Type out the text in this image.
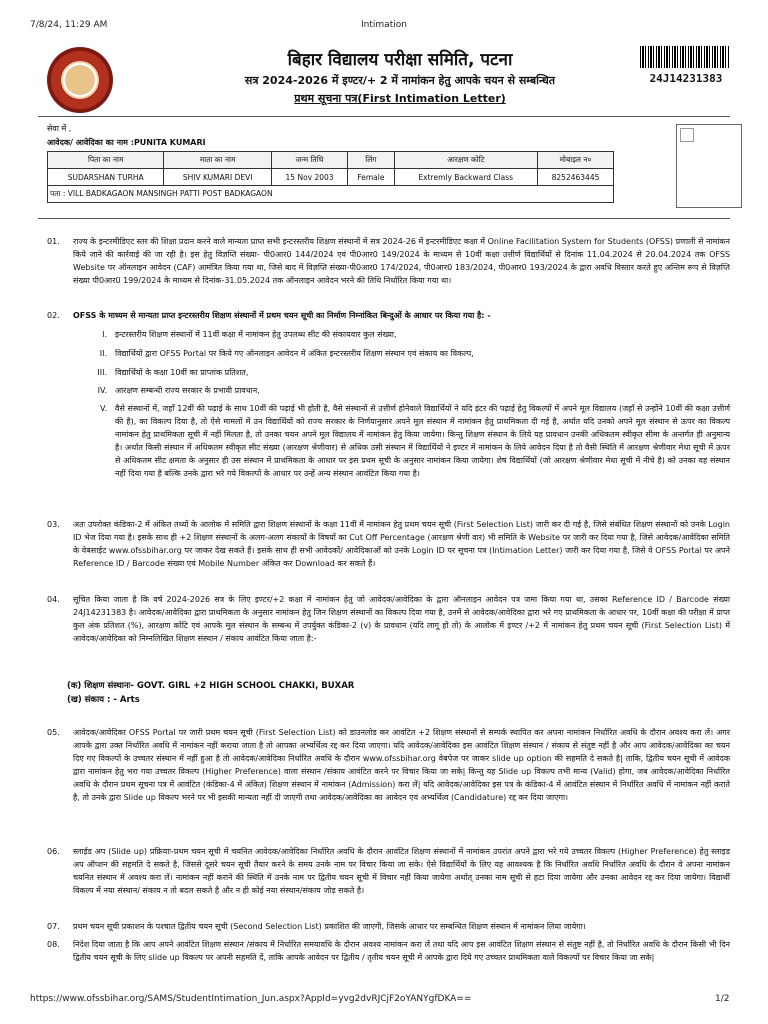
7/8/24, 11:29 AM	Intimation
बिहार विद्यालय परीक्षा समिति, पटना
सत्र 2024-2026 में इण्टर/+ 2 में नामांकन हेतु आपके चयन से सम्बन्धित
प्रथम सूचना पत्र(First Intimation Letter)
24J14231383
सेवा में ,
आवेदक/ आवेदिका का नाम :PUNITA KUMARI
पिता का नाम	माता का नाम	जन्म तिथि	लिंग	आरक्षण कोटि	मोबाइल न०
SUDARSHAN TURHA	SHIV KUMARI DEVI	15 Nov 2003	Female	Extremly Backward Class	8252463445
पता : VILL BADKAGAON MANSINGH PATTI POST BADKAGAON					
01. राज्य के इन्टरमीडिएट स्तर की शिक्षा प्रदान करने वाले मान्यता प्राप्त सभी इन्टरस्तरीय शिक्षण संस्थानों में सत्र 2024-26 में इन्टरमीडिएट कक्षा में Online Facilitation System for Students (OFSS) प्रणाली से नामांकन किये जाने की कार्रवाई की जा रही है। इस हेतु विज्ञप्ति संख्या- पी0आर0 144/2024 एवं पी0आर0 149/2024 के माध्यम से 10वीं कक्षा उत्तीर्ण विद्यार्थियों से दिनांक 11.04.2024 से 20.04.2024 तक OFSS Website पर ऑनलाइन आवेदन (CAF) आमंत्रित किया गया था, जिसे बाद में विज्ञप्ति संख्या-पी0आर0 174/2024, पी0आर0 183/2024, पी0आर0 193/2024 के द्वारा अवधि विस्तार करते हुए अन्तिम रूप से विज्ञप्ति संख्या पी0आर0 199/2024 के माध्यम से दिनांक-31.05.2024 तक ऑनलाइन आवेदन भरने की तिथि निर्धारित किया गया था।
02. OFSS के माध्यम से मान्यता प्राप्त इन्टरस्तरीय शिक्षण संस्थानों में प्रथम चयन सूची का निर्माण निम्नांकित बिन्दुओं के आधार पर किया गया है: -
I. इन्टरस्तरीय शिक्षण संस्थानों में 11वीं कक्षा में नामांकन हेतु उपलब्ध सीट की संकायवार कुल संख्या,
II. विद्यार्थियों द्वारा OFSS Portal पर किये गए ऑनलाइन आवेदन में अंकित इन्टरस्तरीय शिक्षण संस्थान एवं संकाय का विकल्प,
III. विद्यार्थियों के कक्षा 10वीं का प्राप्तांक प्रतिशत,
IV. आरक्षण सम्बन्धी राज्य सरकार के प्रभावी प्रावधान,
V. वैसे संस्थानों में, जहाँ 12वीं की पढ़ाई के साथ 10वीं की पढ़ाई भी होती है, वैसे संस्थानों से उत्तीर्ण होनेवाले विद्यार्थियों ने यदि इंटर की पढ़ाई हेतु विकल्पों में अपने मूल विद्यालय (जहाँ से उन्होंने 10वीं की कक्षा उत्तीर्ण की है), का विकल्प दिया है, तो ऐसे मामलों में उन विद्यार्थियों को राज्य सरकार के निर्णयानुसार अपने मूल संस्थान में नामांकन हेतु प्राथमिकता दी गई है, अर्थात यदि उनको अपने मूल संस्थान से ऊपर का विकल्प नामांकन हेतु प्राथमिकता सूची में नहीं मिलता है, तो उनका चयन अपने मूल विद्यालय में नामांकन हेतु किया जायेगा। किन्तु शिक्षण संस्थान के लिये यह प्रावधान उनकी अधिकतम स्वीकृत सीमा के अन्तर्गत ही अनुमान्य है। अर्थात किसी संस्थान में अधिकतम स्वीकृत सीट संख्या (आरक्षण श्रेणीवार) से अधिक उसी संस्थान में विद्यार्थियों ने इण्टर में नामांकन के लिये आवेदन दिया है तो वैसी स्थिति में आरक्षण श्रेणीवार मेधा सूची में ऊपर से अधिकतम सीट क्षमता के अनुसार ही उस संस्थान में प्राथमिकता के आधार पर इस प्रथम सूची के अनुसार नामांकन किया जायेगा। शेष विद्यार्थियों (जो आरक्षण श्रेणीवार मेधा सूची में नीचे है) को उनका वह संस्थान नहीं दिया गया है बल्कि उनके द्वारा भरे गये विकल्पों के आधार पर उन्हें अन्य संस्थान आवंटित किया गया है।
03. अतः उपरोक्त कंडिका-2 में अंकित तथ्यों के आलोक में समिति द्वारा शिक्षण संस्थानों के कक्षा 11वीं में नामांकन हेतु प्रथम चयन सूची (First Selection List) जारी कर दी गई है, जिसे संबंधित शिक्षण संस्थानों को उनके Login ID भेज दिया गया है। इसके साथ ही +2 शिक्षण संस्थानों के अलग-अलग संकायों के विषयों का Cut Off Percentage (आरक्षण श्रेणी वार) भी समिति के Website पर जारी कर दिया गया है, जिसे आवेदक/आवेदिका समिति के वेबसाईट www.ofssbihar.org पर जाकर देख सकते हैं। इसके साथ ही सभी आवेदकों/ आवेदिकाओं को उनके Login ID पर सूचना पत्र (Intimation Letter) जारी कर दिया गया है, जिसे वे OFSS Portal पर अपने Reference ID / Barcode संख्या एवं Mobile Number अंकित कर Download कर सकते हैं।
04. सूचित किया जाता है कि वर्ष 2024-2026 सत्र के लिए इण्टर/+2 कक्षा में नामांकन हेतु जो आवेदक/आवेदिका के द्वारा ऑनलाइन आवेदन पत्र जमा किया गया था, उसका Reference ID / Barcode संख्या 24J14231383 है। आवेदक/आवेदिका द्वारा प्राथमिकता के अनुसार नामांकन हेतु जिन शिक्षण संस्थानों का विकल्प दिया गया है, उनमें से आवेदक/आवेदिका द्वारा भरे गए प्राथमिकता के आधार पर, 10वीं कक्षा की परीक्षा में प्राप्त कुल अंक प्रतिशत (%), आरक्षण कोटि एवं आपके मूल संस्थान के सम्बन्ध में उपर्युक्त कंडिका-2 (v) के प्रावधान (यदि लागू हो तो) के आलोक में इण्टर /+2 में नामांकन हेतु प्रथम चयन सूची (First Selection List) में आवेदक/आवेदिका को निम्नलिखित शिक्षण संस्थान / संकाय आवंटित किया जाता है:-
(क) शिक्षण संस्थानः- GOVT. GIRL +2 HIGH SCHOOL CHAKKI, BUXAR
(ख) संकाय : - Arts
05. आवेदक/आवेदिका OFSS Portal पर जारी प्रथम चयन सूची (First Selection List) को डाउनलोड कर आवंटित +2 शिक्षण संस्थानों से सम्पर्क स्थापित कर अपना नामांकन निर्धारित अवधि के दौरान अवश्य करा लें। अगर आपके द्वारा उक्त निर्धारित अवधि में नामांकन नहीं कराया जाता है तो आपका अभ्यर्थित्व रद्द कर दिया जाएगा। यदि आवेदक/आवेदिका इस आवंटित शिक्षण संस्थान / संकाय से संतुष्ट नहीं है और आप आवेदक/आवेदिका का चयन दिए गए विकल्पों के उच्चतर संस्थान में नहीं हुआ है तो आवेदक/आवेदिका निर्धारित अवधि के दौरान www.ofssbihar.org वेबपेज पर जाकर slide up option की सहमति दे सकते है| ताकि, द्वितीय चयन सूची में आवेदक द्वारा नामांकन हेतु भरा गया उच्चतर विकल्प (Higher Preference) वाला संस्थान /संकाय आवंटित करने पर विचार किया जा सके| किन्तु यह Slide up विकल्प तभी मान्य (Valid) होगा, जब आवेदक/आवेदिका निर्धारित अवधि के दौरान प्रथम सूचना पत्र में आवंटित (कंडिका-4 में अंकित) शिक्षण संस्थान में नामांकन (Admission) करा लें| यदि आवेदक/आवेदिका इस पत्र के कंडिका-4 में आवंटित संस्थान में निर्धारित अवधि में नामांकन नहीं कराते है, तो उनके द्वारा Slide up विकल्प भरने पर भी इसकी मान्यता नहीं दी जाएगी तथा आवेदक/आवेदिका का आवेदन एवं अभ्यर्थित्व (Candidature) रद्द कर दिया जाएगा।
06. स्लाईड अप (Slide up) प्रक्रियाः-प्रथम चयन सूची में चयनित आवेदक/आवेदिका निर्धारित अवधि के दौरान आवंटित शिक्षण संस्थानों में नामांकन उपरांत अपने द्वारा भरे गये उच्चतर विकल्प (Higher Preference) हेतु स्लाइड अप ऑप्शन की सहमति दे सकते है, जिससे दूसरे चयन सूची तैयार करने के समय उनके नाम पर विचार किया जा सके। ऐसे विद्यार्थियों के लिए यह आवश्यक है कि निर्धारित अवधि निर्धारित अवधि के दौरान वे अपना नामांकन चयनित संस्थान में अवश्य करा लें। नामांकन नहीं कराने की स्थिति में उनके नाम पर द्वितीय चयन सूची में विचार नहीं किया जायेगा अर्थात् उनका नाम सूची से हटा दिया जायेगा और उनका आवेदन रद्द कर दिया जायेगा। विद्यार्थी विकल्प में नया संस्थान/ संकाय न तो बदल सकते है और न ही कोई नया संस्थान/संकाय जोड़ सकते है।
07. प्रथम चयन सूची प्रकाशन के पश्चात द्वितीय चयन सूची (Second Selection List) प्रकाशित की जाएगी, जिसके आधार पर सम्बन्धित शिक्षण संस्थान में नामांकन लिया जायेगा।
08. निदेश दिया जाता है कि आप अपने आवंटित शिक्षण संस्थान /संकाय में निर्धारित समयावधि के दौरान अवश्य नामांकन करा लें तथा यदि आप इस आवंटित शिक्षण संस्थान से संतुष्ट नहीं है, तो निर्धारित अवधि के दौरान किसी भी दिन द्वितीय चयन सूची के लिए slide up विकल्प पर अपनी सहमति दें, ताकि आपके आवेदन पर द्वितीय / तृतीय चयन सूची में आपके द्वारा दिये गए उच्चतर प्राथमिकता वाले विकल्पों पर विचार किया जा सके|
https://www.ofssbihar.org/SAMS/StudentIntimation_Jun.aspx?AppId=yvg2dvRJCjF2oYANYgfDKA==	1/2
